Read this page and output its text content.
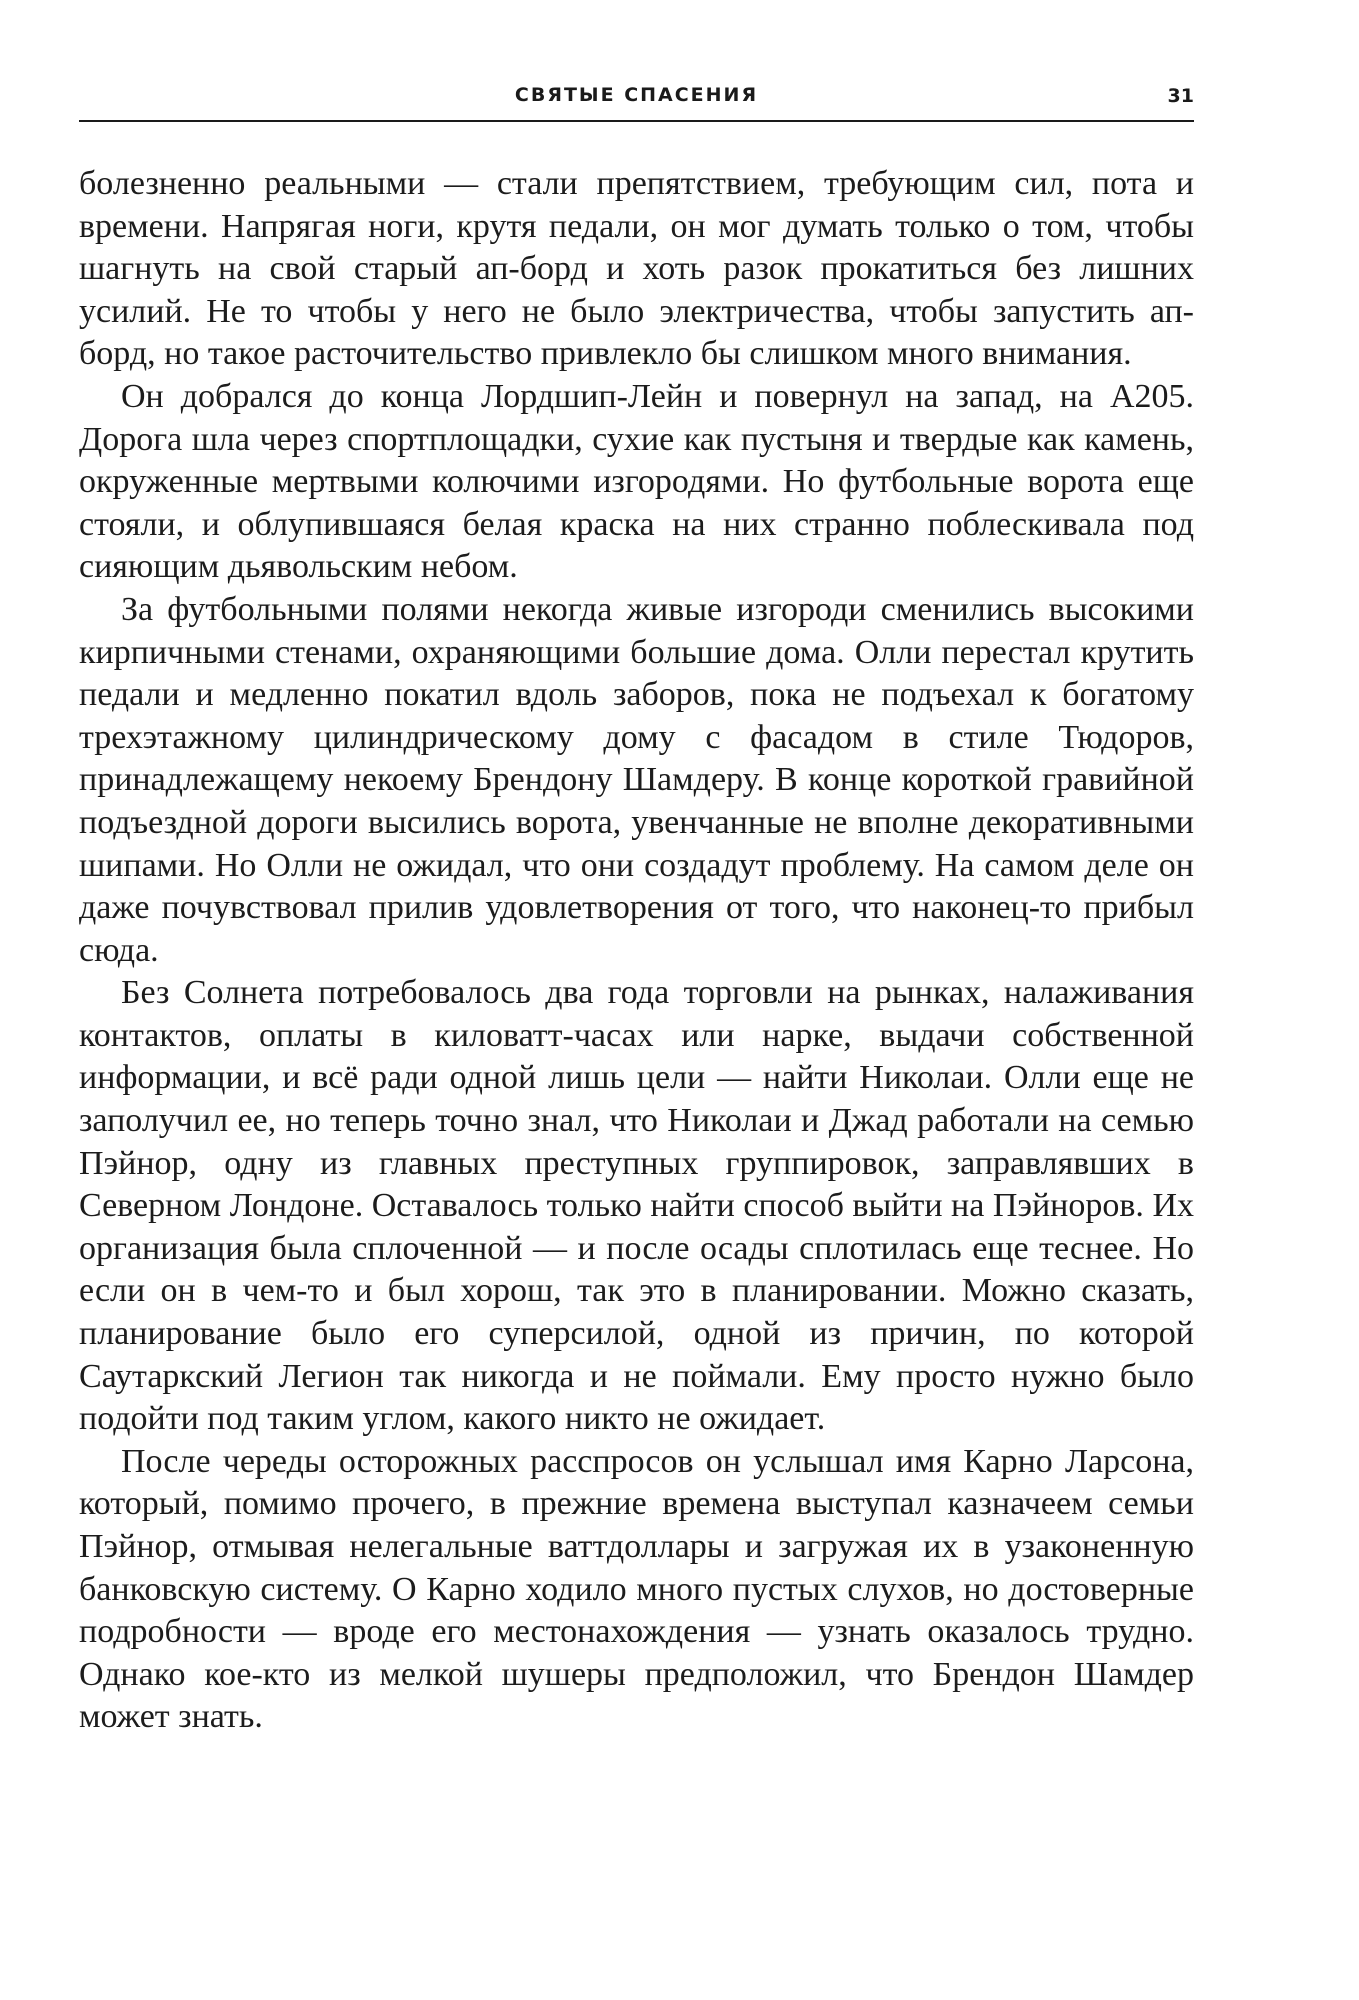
СВЯТЫЕ СПАСЕНИЯ	31

болезненно реальными — стали препятствием, требующим сил, пота и времени. Напрягая ноги, крутя педали, он мог думать только о том, чтобы шагнуть на свой старый ап-борд и хоть разок прокатиться без лишних усилий. Не то чтобы у него не было электричества, чтобы запустить ап-борд, но такое расточительство привлекло бы слишком много внимания.

Он добрался до конца Лордшип-Лейн и повернул на запад, на А205. Дорога шла через спортплощадки, сухие как пустыня и твердые как камень, окруженные мертвыми колючими изгородями. Но футбольные ворота еще стояли, и облупившаяся белая краска на них странно поблескивала под сияющим дьявольским небом.

За футбольными полями некогда живые изгороди сменились высокими кирпичными стенами, охраняющими большие дома. Олли перестал крутить педали и медленно покатил вдоль заборов, пока не подъехал к богатому трехэтажному цилиндрическому дому с фасадом в стиле Тюдоров, принадлежащему некоему Брендону Шамдеру. В конце короткой гравийной подъездной дороги высились ворота, увенчанные не вполне декоративными шипами. Но Олли не ожидал, что они создадут проблему. На самом деле он даже почувствовал прилив удовлетворения от того, что наконец-то прибыл сюда.

Без Солнета потребовалось два года торговли на рынках, налаживания контактов, оплаты в киловатт-часах или нарке, выдачи собственной информации, и всё ради одной лишь цели — найти Николаи. Олли еще не заполучил ее, но теперь точно знал, что Николаи и Джад работали на семью Пэйнор, одну из главных преступных группировок, заправлявших в Северном Лондоне. Оставалось только найти способ выйти на Пэйноров. Их организация была сплоченной — и после осады сплотилась еще теснее. Но если он в чем-то и был хорош, так это в планировании. Можно сказать, планирование было его суперсилой, одной из причин, по которой Саутаркский Легион так никогда и не поймали. Ему просто нужно было подойти под таким углом, какого никто не ожидает.

После череды осторожных расспросов он услышал имя Карно Ларсона, который, помимо прочего, в прежние времена выступал казначеем семьи Пэйнор, отмывая нелегальные ваттдоллары и загружая их в узаконенную банковскую систему. О Карно ходило много пустых слухов, но достоверные подробности — вроде его местонахождения — узнать оказалось трудно. Однако кое-кто из мелкой шушеры предположил, что Брендон Шамдер может знать.
